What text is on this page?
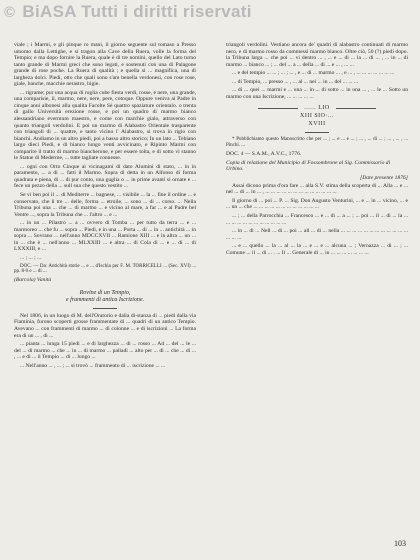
© BiASA Tutti i diritti riservati

viale ; i Marmi, e gli pinque ro mani, il giorno seguente sul tomaso a Presso umomo dalla Lettighe, e si tragon alla Cave della Ruera, volle la forma del Tempio; e ma dopo fornire la Ruera, quale è di tre nomini, quello del Lato turno tanto grande di Marmi greci che sono legati, e sostenuti con una di Palagone grande di rose poche. La Ruera di qualità ; e quella si ... magnifica, una di largheza dolci. Piedi, otto che quali sono s'am benella verdonesi, con rose rose, giale, banche, macchie nerastro, bigie.

... rigrame; pur una acqua di roglia cube fiesta verdi, rosse, e nere, una grande, una comparisie, il, marmo, nere, nere, pere, cotoque. Oppure veniva ai Padre in cinque anni albonesi alla qualita Facolte Sè quattro spaziature orientalo. o trenta di gallo Università erezione rosse, e poi un quadro di marmo bianco alessandriano evermum maestro, e come con marchie gialo, attraverso con quanto triangoli verdolini. E poi un marmo di Alabastro Orientale trasparente con triangoli di ... quattre, e tanto vicino i' Alabastro, si trova in rigio con bianchi. Andiamo in un altro piedi, poi a basso altro storico; In un lato ... Tebiano largo dieci Piedi, e di bianco lungo venti avvicinato, e Ripinto Marmi con comparire il tratto di marmo biancherone, e per essere tolta, e di sotto vi stanno le Statue di Mederme, ... tutte tagliate connesse.

... ogni con Orto Cinque ai vicinagami di dato Alumini di stato, ... in in paramento, ... a di ... fatti il Marmo. Sopra di detta in un Alfonso di forma quadrata e piena, di ... di pur conto, una guglia o ... in prime avanti si ornate e ... fece un pezzo della ... sull sua che questo vestito ...

Se vi ben poi il ... di Mediterre ... bagnese, ... visibile ... la ... fine il ordine ... e conservato, che li tre ... delle, forma ... etroile, ... sono ... di ... corso. ... Nella Tribuna poi una ... che ... di marmo ... e vicino al mare, a far ... e al Padre bel Ventre ..., sopra la Tribuna che ... l'altro ... e ...

... in un ... Pilastro ... a ... ovvero di Tomba ... per tutto da terra ... e ... marmoreo ... che fu ... sopra ... Piedi, e in una ... Porta ... di ... in ... antichità ... in sopra ... Sovrano ... nell'anno MDCCXVII ... Ramione XIII ... e in altra ... un ... in ... che è ... nell'anno ... MLXXIII ... e altra ... di Cola di ... e ... di ... di LXXXIII, e ...

... ; ... ; ...

DOC. — Da: Antichità storie ... e ... d'Ischia per F. M. TORRICELLI ... (Sec. XVI) ... pp. 8-9 e ... di ...

(Barcola) Vanità

Rovine di un Tempio,
e frammenti di antica Iscrizione.

Nel 1806, in un luogo di M. dell'Oratorio e dalla di-stanza di ... piedi dalla via Flaminia, furono scoperti grosse frammentate di ... quadri di un antico Tempio. Avevano ... con frammenti di marmo ... di colonne ... e di iscrizioni ... La forma era di un ... , di ...

... pianta ... lunga 15 piedi ... e di larghezza ... di ... rosso ... Ad ... del ... le ... del ... di marmo ... che ... in ... di marmo ... palladi ... alto per ... di ... che ... di ... , ... e di ... il Tempio ... di ... lungo ...

... Nell'anno ... , ... ; ... si trovò ... frammento di ... iscrizione ... ...

triangoli verdolini. Vestiano ancora de' quadri di alabastro continuati di marmo nero, e di marmo rosso da commessi marmo bianco. Oltre ciò, 50 (?) piedi dopo. la Tribuna larga ... che poi ... vi dentro ... , ... e ... di ... la ... di ... , ... in ... di marmo ... bianco ... ; ... del ... a ... della ... di ... e ... , ... ...

... e del tempio ... ... ; ... ; ... , e ... di ... marmo ... , e ... , ... ... ... ... ... ... ...

... di Tempio, ... presso ... , ... al ... nei ... in ... del ... ... ...

... di ... quei ... marmi e ... una ... in ... di sotto ... in una ... , ... le ... Sotto un marmo con una Iscrizione, ... ... ... ... ...

...... LIO
XIII SIO·...
XVIII

* Pubblichiamo questo Manoscritto che per ... ; ... e ... e ... ; ... , ... di ... ; ... , ... , ... Pinchi. ...

DOC. 4 — S.A.M., A.V.C., 1776.

Copia di relazione del Municipio di Fossombrone al Sig. Commissario di Urbino.

[Date presente 1876]

Assai dicono prima d'ora fare ... alla S.V. stima della scoperta di ... Alla ... e ... nel ... di ... in ... , ... ... ... ... ... ... ... ... ... ... ... ... ...

Il giorno di ... poi ... P. ... Sig. Don Augusto Venturini, ... e ... in ... vicino, ... e ... un ... che ... ... ... ... ... ... ... ... ... ... ... ...

... ; ... della Parrocchia ... Francesco ... e ... di ... a ... ; ... poi ... il ... di ... la ... ... ... ... ... ... ... ... ... ... ... ...

... in ... di ... Nell ... di ... poi ... all ... di ... nella ... ... ... ... ... ... ... ... ... ... ... ... ... ... ...

... e ... quello ... la ... al ... la ... e ... e ... alcuna ... ; Vernazza ... di ... ; ... Comune ... il ... di ... . ... Il ... Generale di ... in ... ... ... ... ... ... ...

103
